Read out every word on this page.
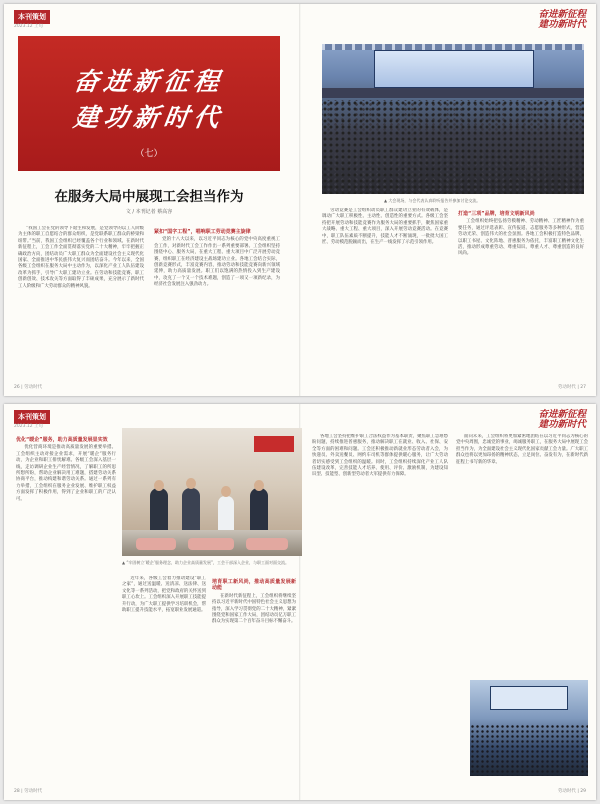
本刊策划
2023.12 上旬
奋进新征程
建功新时代
（七）
在服务大局中展现工会担当作为
文 / 本刊记者 蔡高容
“我国工会在党的领导下诞生和发展，是党领导的以工人阶级为主体的职工自愿结合的群众组织，是党联系职工群众的桥梁和纽带。”当前，我国工会组织已经覆盖各个行业和领域。在新时代新征程上，工会工作全面贯彻落实党的二十大精神，牢牢把握正确政治方向，团结动员广大职工群众为全面建设社会主义现代化国家、全面推进中华民族伟大复兴而团结奋斗。今年以来，全国各级工会组织在服务大局中主动作为，以深化产业工人队伍建设改革为抓手，引导广大职工建功立业。在劳动和技能竞赛、职工创新创效、技术攻关等方面取得了丰硕成果，充分展示了新时代工人阶级和广大劳动群众的精神风貌。
紧扣“国字工程”，唱响职工劳动竞赛主旋律
党的十八大以来，以习近平同志为核心的党中央高度重视工会工作，对新时代工会工作作出一系列重要部署。工会组织坚持围绕中心、服务大局，在重大工程、重大项目中广泛开展劳动竞赛，组织职工在经济建设主战场建功立业。各地工会结合实际，创新竞赛形式，丰富竞赛内容，推动劳动和技能竞赛向新兴领域延伸，助力高质量发展。职工们以饱满的热情投入到生产建设中，攻克了一个又一个技术难题，创造了一项又一项新纪录，为经济社会发展注入强劲动力。
26 | 劳动时代
奋进新征程
建功新时代
▲ 大会现场，与会代表认真聆听报告并参加讨论交流。
劳动竞赛是工会组织动员职工群众建功立业的有效载体，是调动广大职工积极性、主动性、创造性的重要方式。各级工会坚持把开展劳动和技能竞赛作为服务大局的重要抓手，聚焦国家重大战略、重大工程、重大项目，深入开展劳动竞赛活动。在竞赛中，职工队伍素质不断提升，技能人才不断涌现，一批批大国工匠、劳动模范脱颖而出，在生产一线发挥了示范引领作用。
打造“三项”品牌，培育文明新风尚
工会组织始终把弘扬劳模精神、劳动精神、工匠精神作为重要任务，通过评选表彰、宣传报道、志愿服务等多种形式，营造劳动光荣、创造伟大的社会氛围。各地工会积极打造特色品牌，以职工书屋、文化阵地、普惠服务为依托，丰富职工精神文化生活，推动形成尊重劳动、尊重知识、尊重人才、尊重创造的良好风尚。
劳动时代 | 27
本刊策划
2023.12 上旬
优化“暖企”服务，助力高质量发展显实效
优化营商环境是推动高质量发展的重要举措。工会组织主动对接企业需求，开展“暖企”服务行动，为企业和职工排忧解难。各级工会深入基层一线，走访调研企业生产经营情况，了解职工的所思所想所盼，帮助企业解决用工难题，搭建劳动关系协商平台，推动构建和谐劳动关系。通过一系列有力举措，工会组织在服务企业发展、维护职工权益方面发挥了积极作用，得到了企业和职工的广泛认可。
▲ “牢固树立‘暖企’服务理念，助力企业高质量发展”，工会干部深入企业，与职工面对面交流。
近年来，各级工会着力推动建设“职工之家”，通过送温暖、送清凉、送法律、送文化等一系列活动，把党和政府的关怀送到职工心坎上。工会组织深入开展职工技能提升行动，为广大职工提供学习培训机会，帮助职工提升技能水平，拓宽职业发展通道。
培育职工新风尚，推动高质量发展新动能
在新时代新征程上，工会组织将继续坚持以习近平新时代中国特色社会主义思想为指导，深入学习贯彻党的二十大精神，紧紧围绕党和国家工作大局，团结动员亿万职工群众为实现第二个百年奋斗目标不懈奋斗。
28 | 劳动时代
奋进新征程
建功新时代
各地工会坚持把维护职工合法权益作为基本职责，聚焦职工急难愁盼问题，持续推进普惠服务，推动解决职工在就业、收入、社保、安全等方面的困难和问题。工会还积极推动新就业形态劳动者入会，为快递员、外卖送餐员、网约车司机等群体提供暖心服务，让广大劳动者切实感受到工会组织的温暖。同时，工会组织持续深化产业工人队伍建设改革，完善技能人才培养、使用、评价、激励机制，为建设知识型、技能型、创新型劳动者大军提供有力保障。
面向未来，工会组织将更加紧密地团结在以习近平同志为核心的党中央周围，忠诚党的事业，竭诚服务职工，在服务大局中展现工会担当作为，为全面建设社会主义现代化国家贡献工会力量。广大职工群众也将以更加昂扬的精神状态，立足岗位、奋发有为，在新时代新征程上书写新的华章。
劳动时代 | 29
